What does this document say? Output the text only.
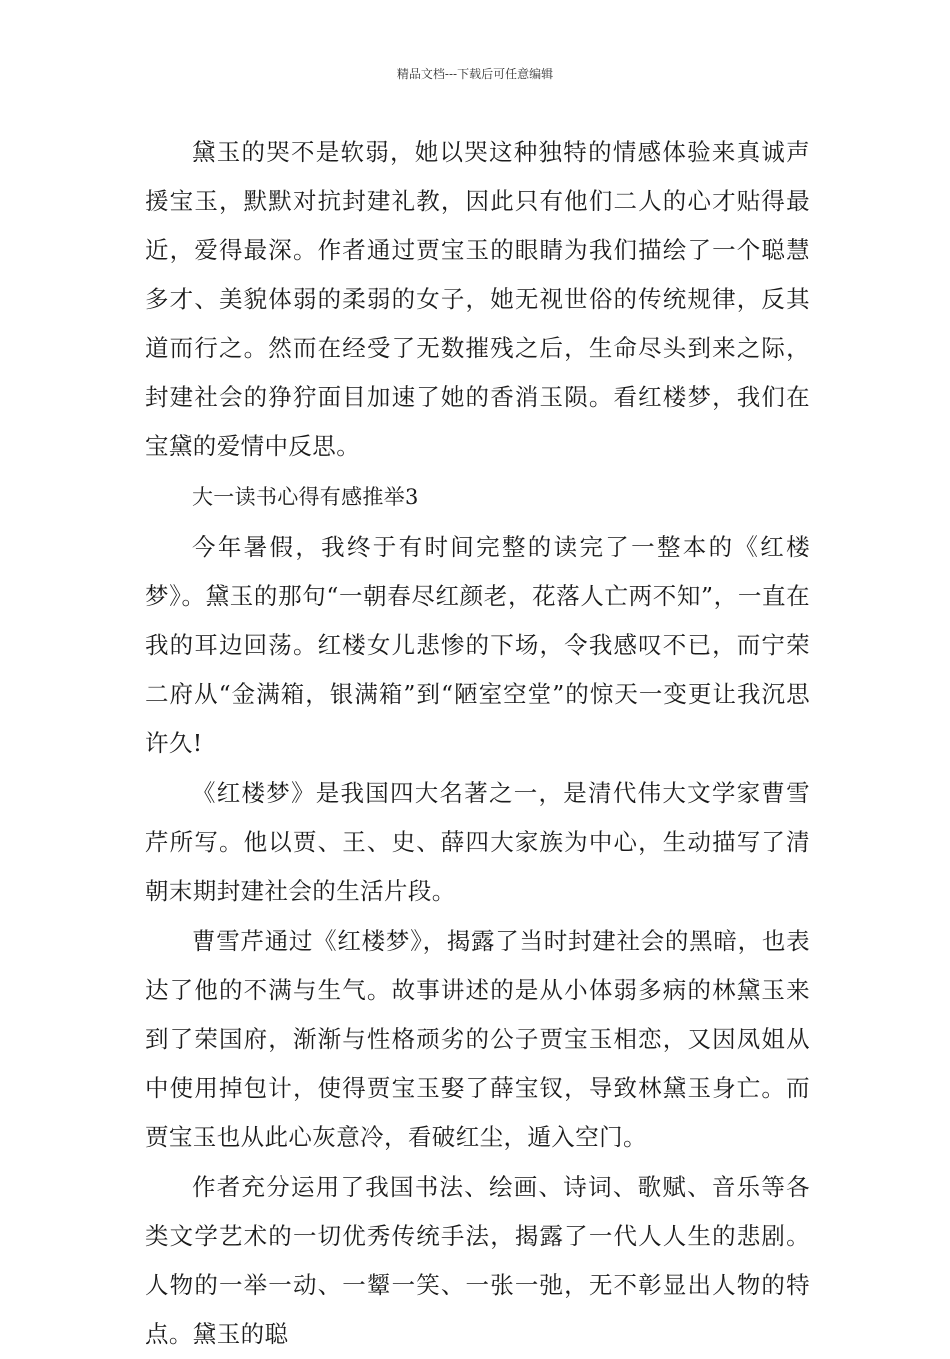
精品文档---下载后可任意编辑

黛玉的哭不是软弱，她以哭这种独特的情感体验来真诚声援宝玉，默默对抗封建礼教，因此只有他们二人的心才贴得最近，爱得最深。作者通过贾宝玉的眼睛为我们描绘了一个聪慧多才、美貌体弱的柔弱的女子，她无视世俗的传统规律，反其道而行之。然而在经受了无数摧残之后，生命尽头到来之际，封建社会的狰狞面目加速了她的香消玉陨。看红楼梦，我们在宝黛的爱情中反思。

大一读书心得有感推举3

今年暑假，我终于有时间完整的读完了一整本的《红楼梦》。黛玉的那句“一朝春尽红颜老，花落人亡两不知”，一直在我的耳边回荡。红楼女儿悲惨的下场，令我感叹不已，而宁荣二府从“金满箱，银满箱”到“陋室空堂”的惊天一变更让我沉思许久!

《红楼梦》是我国四大名著之一，是清代伟大文学家曹雪芹所写。他以贾、王、史、薛四大家族为中心，生动描写了清朝末期封建社会的生活片段。

曹雪芹通过《红楼梦》，揭露了当时封建社会的黑暗，也表达了他的不满与生气。故事讲述的是从小体弱多病的林黛玉来到了荣国府，渐渐与性格顽劣的公子贾宝玉相恋，又因凤姐从中使用掉包计，使得贾宝玉娶了薛宝钗，导致林黛玉身亡。而贾宝玉也从此心灰意冷，看破红尘，遁入空门。

作者充分运用了我国书法、绘画、诗词、歌赋、音乐等各类文学艺术的一切优秀传统手法，揭露了一代人人生的悲剧。人物的一举一动、一颦一笑、一张一弛，无不彰显出人物的特点。黛玉的聪
